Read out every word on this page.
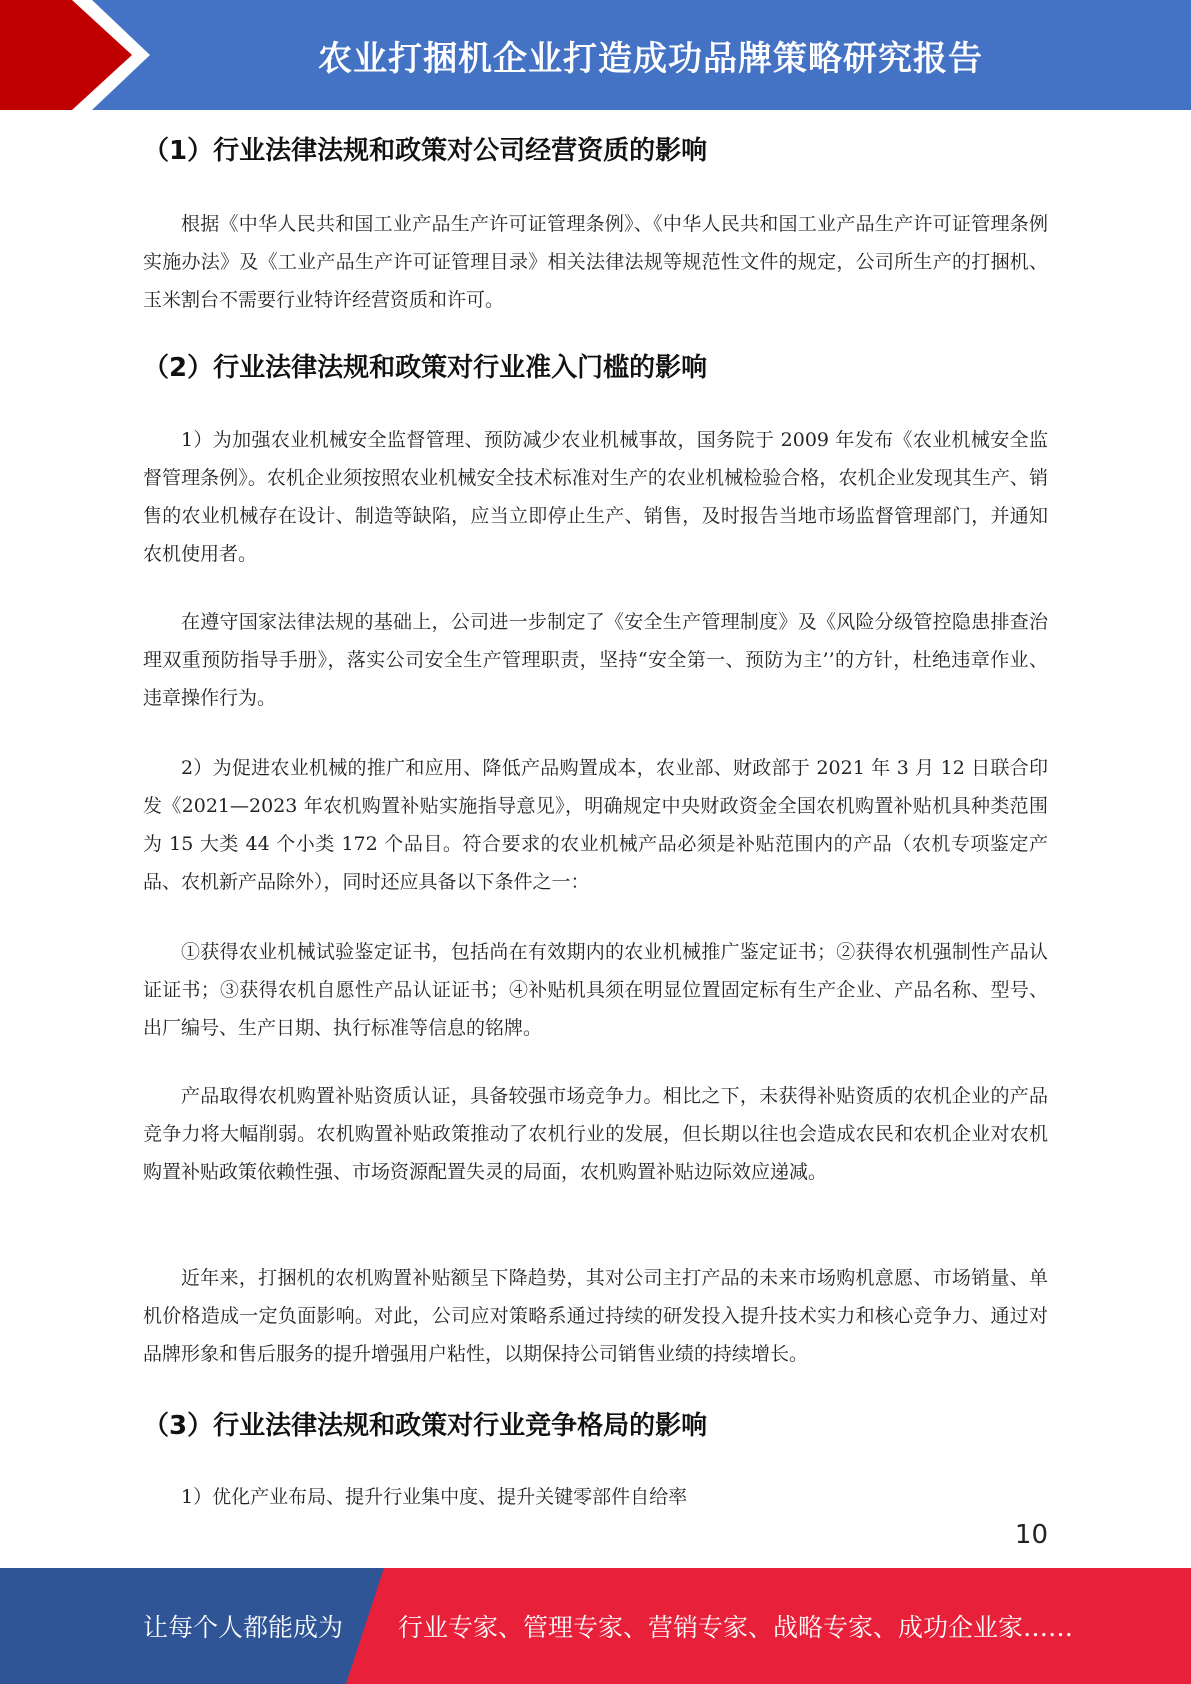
农业打捆机企业打造成功品牌策略研究报告
（1）行业法律法规和政策对公司经营资质的影响

根据《中华人民共和国工业产品生产许可证管理条例》、《中华人民共和国工业产品生产许可证管理条例实施办法》及《工业产品生产许可证管理目录》相关法律法规等规范性文件的规定，公司所生产的打捆机、玉米割台不需要行业特许经营资质和许可。

（2）行业法律法规和政策对行业准入门槛的影响

1）为加强农业机械安全监督管理、预防减少农业机械事故，国务院于 2009 年发布《农业机械安全监督管理条例》。农机企业须按照农业机械安全技术标准对生产的农业机械检验合格，农机企业发现其生产、销售的农业机械存在设计、制造等缺陷，应当立即停止生产、销售，及时报告当地市场监督管理部门，并通知农机使用者。

在遵守国家法律法规的基础上，公司进一步制定了《安全生产管理制度》及《风险分级管控隐患排查治理双重预防指导手册》，落实公司安全生产管理职责，坚持“安全第一、预防为主’’的方针，杜绝违章作业、违章操作行为。

2）为促进农业机械的推广和应用、降低产品购置成本，农业部、财政部于 2021 年 3 月 12 日联合印发《2021—2023 年农机购置补贴实施指导意见》，明确规定中央财政资金全国农机购置补贴机具种类范围为 15 大类 44 个小类 172 个品目。符合要求的农业机械产品必须是补贴范围内的产品（农机专项鉴定产品、农机新产品除外），同时还应具备以下条件之一：

①获得农业机械试验鉴定证书，包括尚在有效期内的农业机械推广鉴定证书；②获得农机强制性产品认证证书；③获得农机自愿性产品认证证书；④补贴机具须在明显位置固定标有生产企业、产品名称、型号、出厂编号、生产日期、执行标准等信息的铭牌。

产品取得农机购置补贴资质认证，具备较强市场竞争力。相比之下，未获得补贴资质的农机企业的产品竞争力将大幅削弱。农机购置补贴政策推动了农机行业的发展，但长期以往也会造成农民和农机企业对农机购置补贴政策依赖性强、市场资源配置失灵的局面，农机购置补贴边际效应递减。

近年来，打捆机的农机购置补贴额呈下降趋势，其对公司主打产品的未来市场购机意愿、市场销量、单机价格造成一定负面影响。对此，公司应对策略系通过持续的研发投入提升技术实力和核心竞争力、通过对品牌形象和售后服务的提升增强用户粘性，以期保持公司销售业绩的持续增长。

（3）行业法律法规和政策对行业竞争格局的影响

1）优化产业布局、提升行业集中度、提升关键零部件自给率

10
让每个人都能成为 行业专家、管理专家、营销专家、战略专家、成功企业家……
